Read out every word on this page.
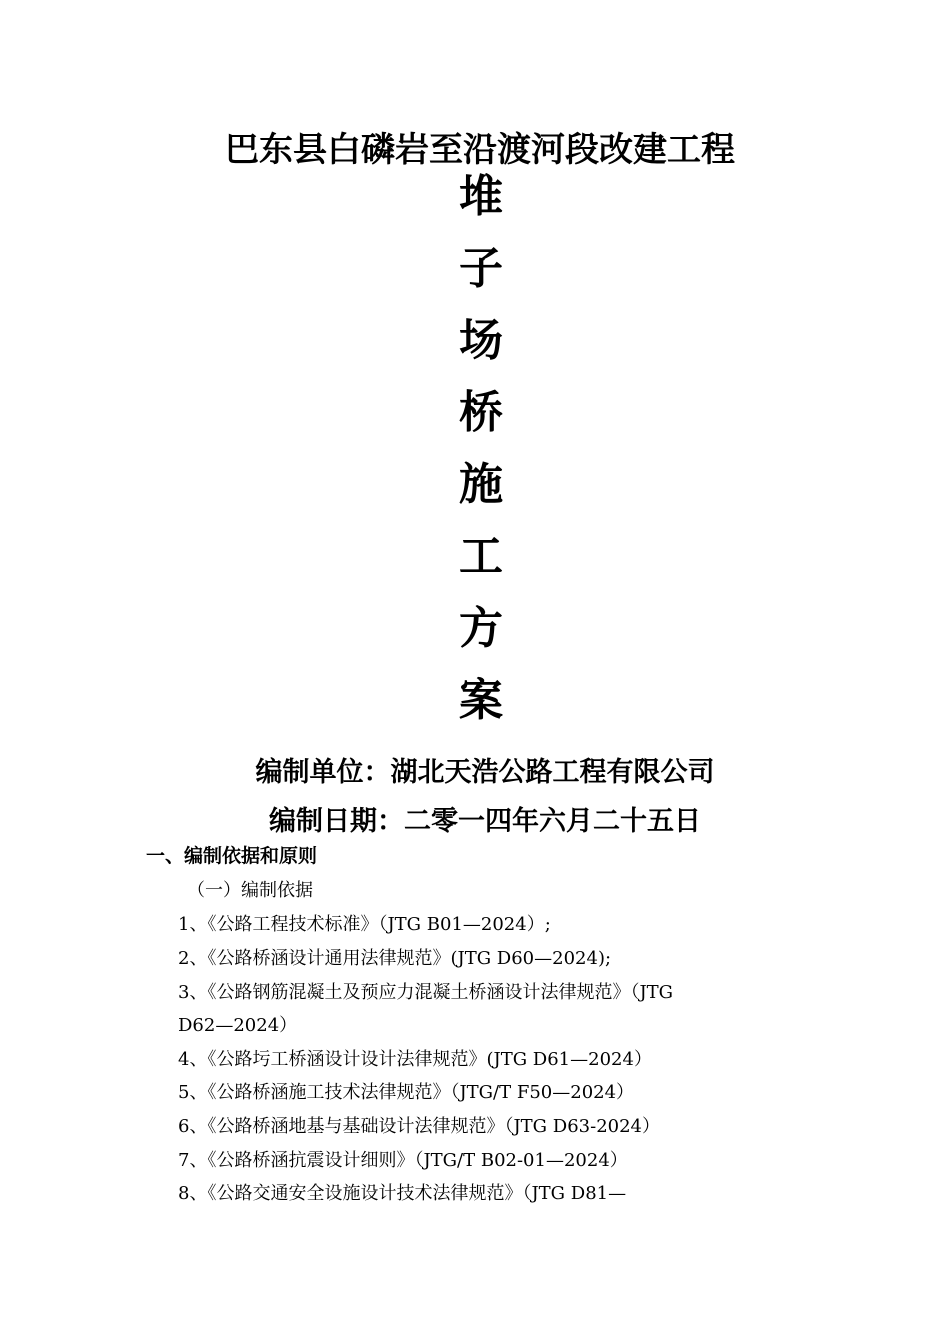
巴东县白磷岩至沿渡河段改建工程
堆
子
场
桥
施
工
方
案
编制单位：湖北天浩公路工程有限公司
编制日期：二零一四年六月二十五日
一、编制依据和原则
（一）编制依据
1、《公路工程技术标准》（JTG B01—2024）;
2、《公路桥涵设计通用法律规范》(JTG D60—2024);
3、《公路钢筋混凝土及预应力混凝土桥涵设计法律规范》（JTG
D62—2024）
4、《公路圬工桥涵设计设计法律规范》(JTG D61—2024）
5、《公路桥涵施工技术法律规范》（JTG/T F50—2024）
6、《公路桥涵地基与基础设计法律规范》（JTG D63-2024）
7、《公路桥涵抗震设计细则》（JTG/T B02-01—2024）
8、《公路交通安全设施设计技术法律规范》（JTG D81—
